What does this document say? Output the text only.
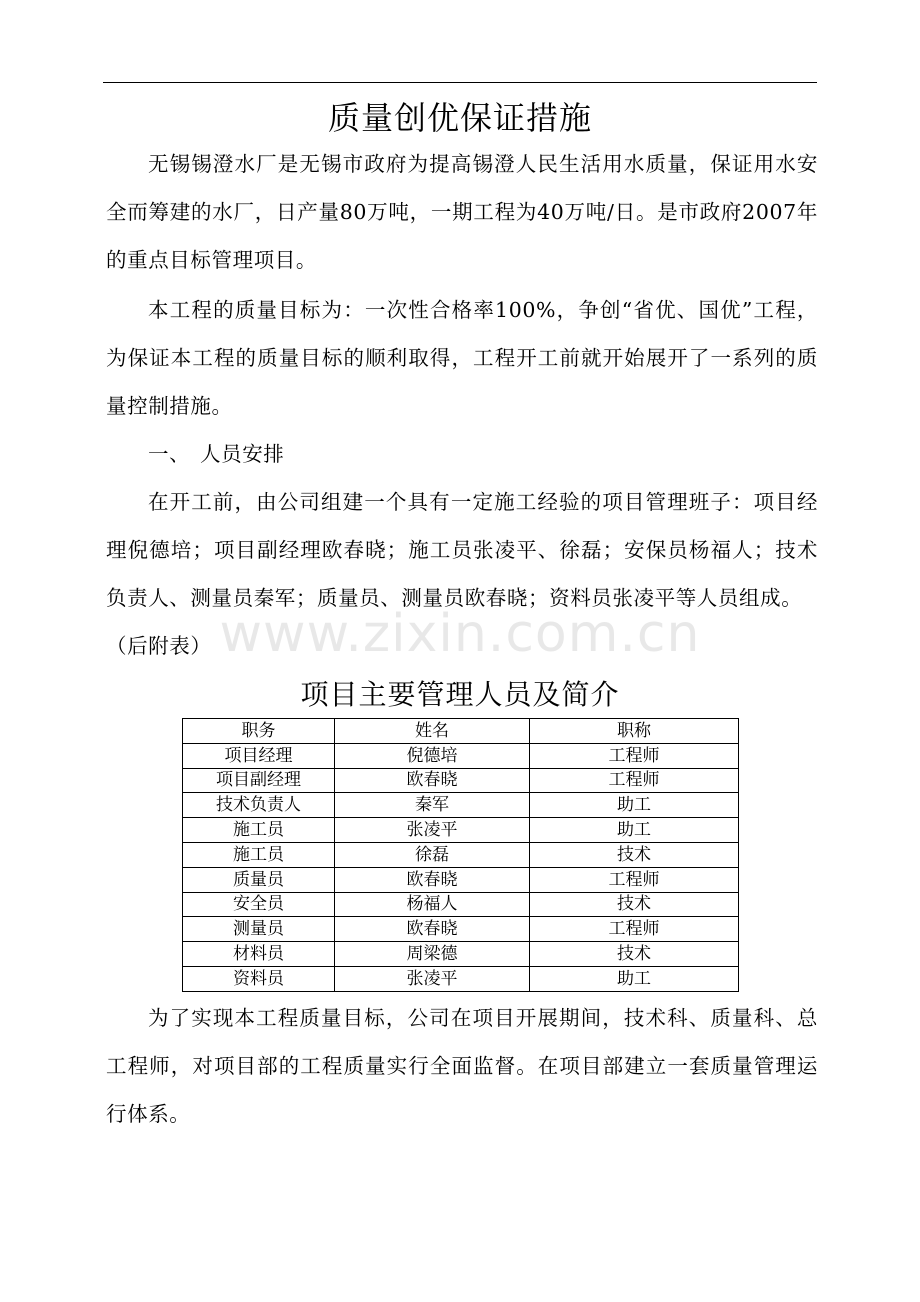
质量创优保证措施

无锡锡澄水厂是无锡市政府为提高锡澄人民生活用水质量，保证用水安全而筹建的水厂，日产量80万吨，一期工程为40万吨/日。是市政府2007年的重点目标管理项目。

本工程的质量目标为：一次性合格率100%，争创“省优、国优”工程，为保证本工程的质量目标的顺利取得，工程开工前就开始展开了一系列的质量控制措施。

一、 人员安排

在开工前，由公司组建一个具有一定施工经验的项目管理班子：项目经理倪德培；项目副经理欧春晓；施工员张凌平、徐磊；安保员杨福人；技术负责人、测量员秦军；质量员、测量员欧春晓；资料员张凌平等人员组成。

（后附表） www.zixin.com.cn
项目主要管理人员及简介
职务	姓名	职称
项目经理	倪德培	工程师
项目副经理	欧春晓	工程师
技术负责人	秦军	助工
施工员	张凌平	助工
施工员	徐磊	技术
质量员	欧春晓	工程师
安全员	杨福人	技术
测量员	欧春晓	工程师
材料员	周梁德	技术
资料员	张凌平	助工

为了实现本工程质量目标，公司在项目开展期间，技术科、质量科、总工程师，对项目部的工程质量实行全面监督。在项目部建立一套质量管理运行体系。
